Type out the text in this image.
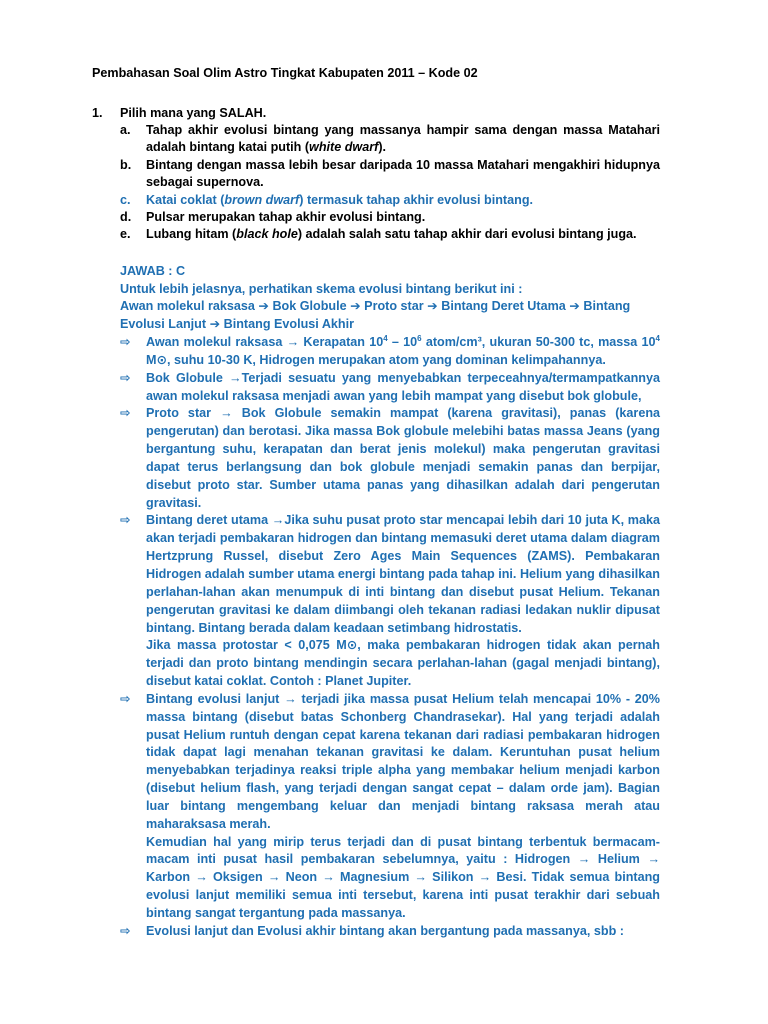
Pembahasan Soal Olim Astro Tingkat Kabupaten 2011 – Kode 02
1. Pilih mana yang SALAH.
a.	Tahap akhir evolusi bintang yang massanya hampir sama dengan massa Matahari adalah bintang katai putih (white dwarf).
b.	Bintang dengan massa lebih besar daripada 10 massa Matahari mengakhiri hidupnya sebagai supernova.
c.	Katai coklat (brown dwarf) termasuk tahap akhir evolusi bintang.
d.	Pulsar merupakan tahap akhir evolusi bintang.
e.	Lubang hitam (black hole) adalah salah satu tahap akhir dari evolusi bintang juga.

JAWAB : C

Untuk lebih jelasnya, perhatikan skema evolusi bintang berikut ini :

Awan molekul raksasa ➔ Bok Globule ➔ Proto star ➔ Bintang Deret Utama ➔ Bintang Evolusi Lanjut ➔ Bintang Evolusi Akhir

⇨	Awan molekul raksasa → Kerapatan $10^4 - 10^6$ atom/cm³, ukuran 50-300 tc, massa $10^4$ M⊙, suhu 10-30 K, Hidrogen merupakan atom yang dominan kelimpahannya.
⇨	Bok Globule →Terjadi sesuatu yang menyebabkan terpeceahnya/termampatkannya awan molekul raksasa menjadi awan yang lebih mampat yang disebut bok globule,
⇨	Proto star → Bok Globule semakin mampat (karena gravitasi), panas (karena pengerutan) dan berotasi. Jika massa Bok globule melebihi batas massa Jeans (yang bergantung suhu, kerapatan dan berat jenis molekul) maka pengerutan gravitasi dapat terus berlangsung dan bok globule menjadi semakin panas dan berpijar, disebut proto star. Sumber utama panas yang dihasilkan adalah dari pengerutan gravitasi.
⇨	Bintang deret utama →Jika suhu pusat proto star mencapai lebih dari 10 juta K, maka akan terjadi pembakaran hidrogen dan bintang memasuki deret utama dalam diagram Hertzprung Russel, disebut Zero Ages Main Sequences (ZAMS). Pembakaran Hidrogen adalah sumber utama energi bintang pada tahap ini. Helium yang dihasilkan perlahan-lahan akan menumpuk di inti bintang dan disebut pusat Helium. Tekanan pengerutan gravitasi ke dalam diimbangi oleh tekanan radiasi ledakan nuklir dipusat bintang. Bintang berada dalam keadaan setimbang hidrostatis.

Jika massa protostar < 0,075 M⊙, maka pembakaran hidrogen tidak akan pernah terjadi dan proto bintang mendingin secara perlahan-lahan (gagal menjadi bintang), disebut katai coklat. Contoh : Planet Jupiter.

⇨	Bintang evolusi lanjut → terjadi jika massa pusat Helium telah mencapai 10% - 20% massa bintang (disebut batas Schonberg Chandrasekar). Hal yang terjadi adalah pusat Helium runtuh dengan cepat karena tekanan dari radiasi pembakaran hidrogen tidak dapat lagi menahan tekanan gravitasi ke dalam. Keruntuhan pusat helium menyebabkan terjadinya reaksi triple alpha yang membakar helium menjadi karbon (disebut helium flash, yang terjadi dengan sangat cepat – dalam orde jam). Bagian luar bintang mengembang keluar dan menjadi bintang raksasa merah atau maharaksasa merah.

Kemudian hal yang mirip terus terjadi dan di pusat bintang terbentuk bermacam-macam inti pusat hasil pembakaran sebelumnya, yaitu : Hidrogen → Helium → Karbon → Oksigen → Neon → Magnesium → Silikon → Besi. Tidak semua bintang evolusi lanjut memiliki semua inti tersebut, karena inti pusat terakhir dari sebuah bintang sangat tergantung pada massanya.

⇨	Evolusi lanjut dan Evolusi akhir bintang akan bergantung pada massanya, sbb :
